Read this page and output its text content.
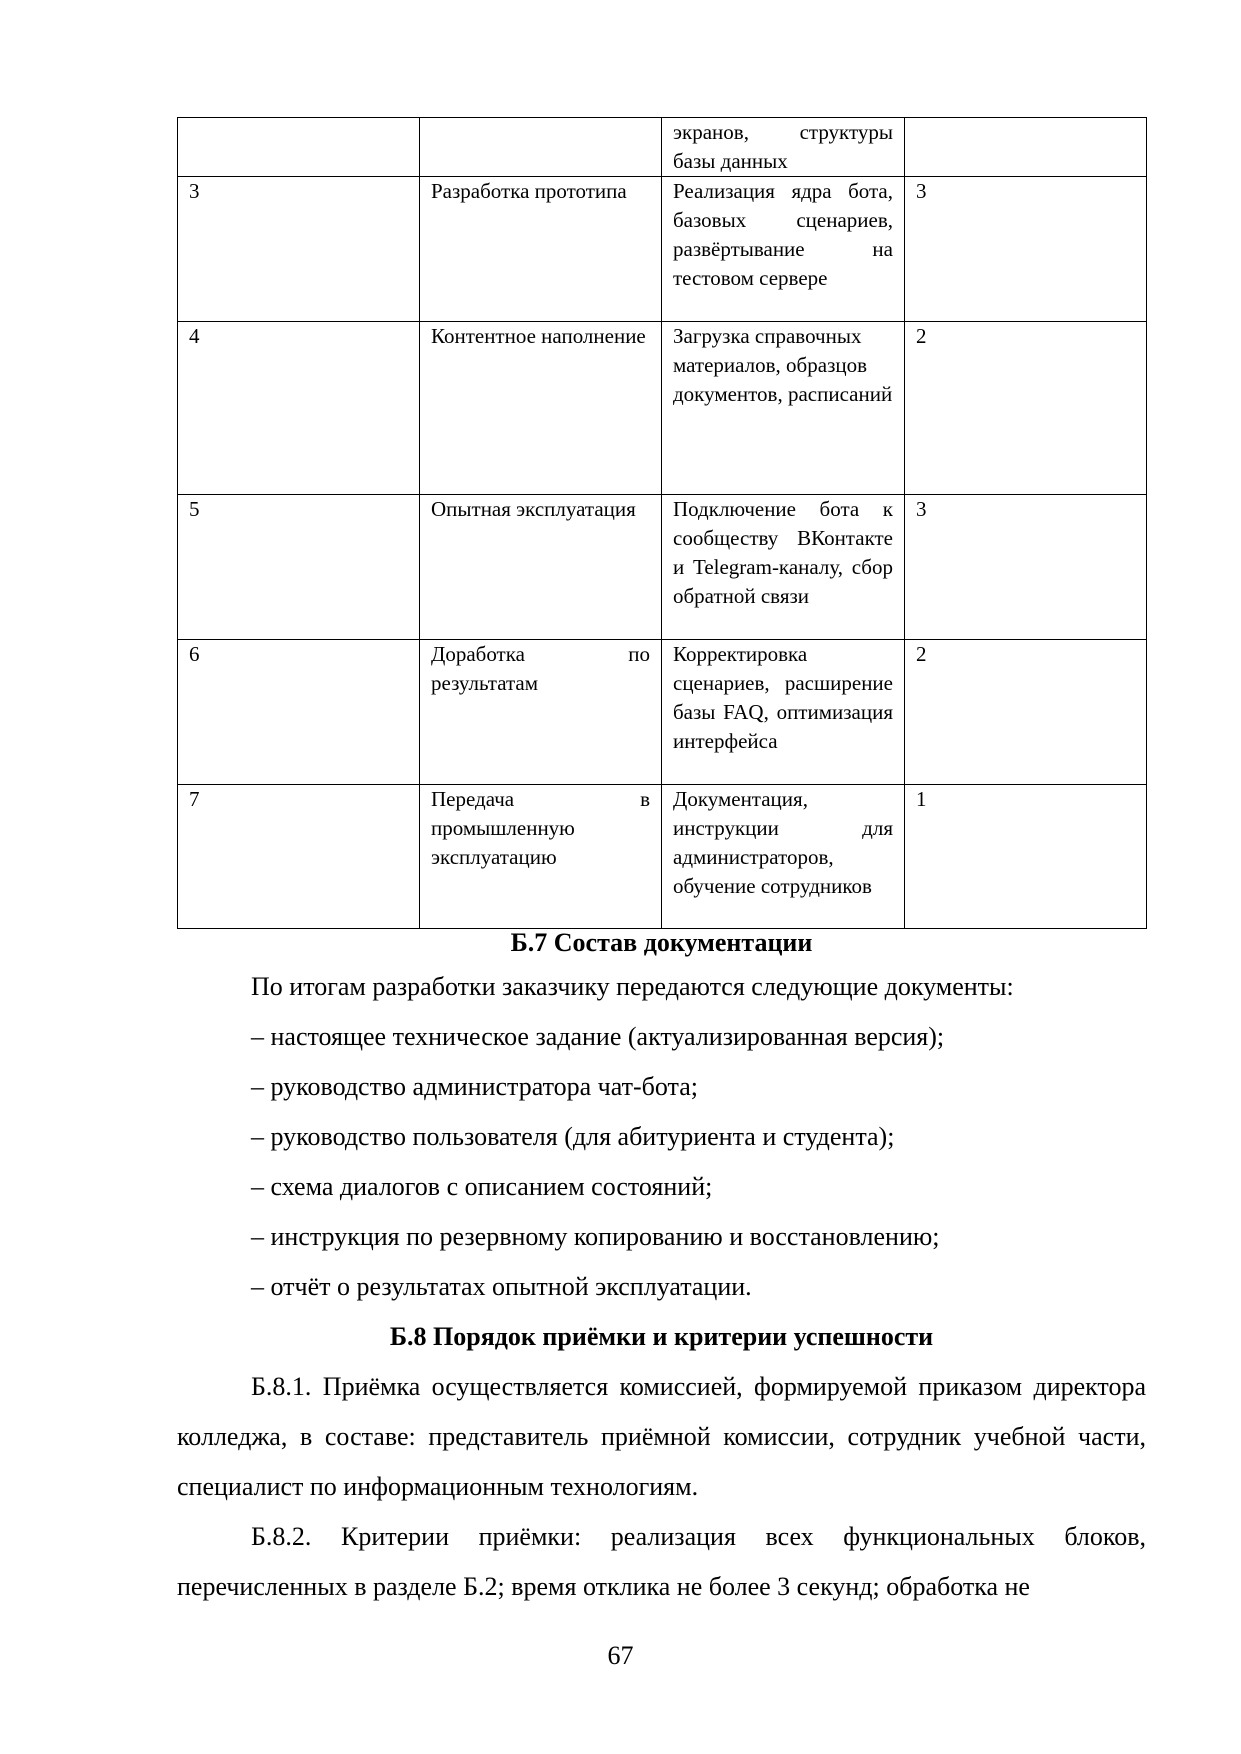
		экранов, структуры базы данных	
3	Разработка прототипа	Реализация ядра бота, базовых сценариев, развёртывание на тестовом сервере	3
4	Контентное наполнение	Загрузка справочных материалов, образцов документов, расписаний	2
5	Опытная эксплуатация	Подключение бота к сообществу ВКонтакте и Telegram-каналу, сбор обратной связи	3
6	Доработка по результатам	Корректировка сценариев, расширение базы FAQ, оптимизация интерфейса	2
7	Передача в промышленную эксплуатацию	Документация, инструкции для администраторов, обучение сотрудников	1
Б.7 Состав документации
По итогам разработки заказчику передаются следующие документы:
– настоящее техническое задание (актуализированная версия);
– руководство администратора чат-бота;
– руководство пользователя (для абитуриента и студента);
– схема диалогов с описанием состояний;
– инструкция по резервному копированию и восстановлению;
– отчёт о результатах опытной эксплуатации.
Б.8 Порядок приёмки и критерии успешности
Б.8.1. Приёмка осуществляется комиссией, формируемой приказом директора колледжа, в составе: представитель приёмной комиссии, сотрудник учебной части, специалист по информационным технологиям.
Б.8.2. Критерии приёмки: реализация всех функциональных блоков, перечисленных в разделе Б.2; время отклика не более 3 секунд; обработка не
67
